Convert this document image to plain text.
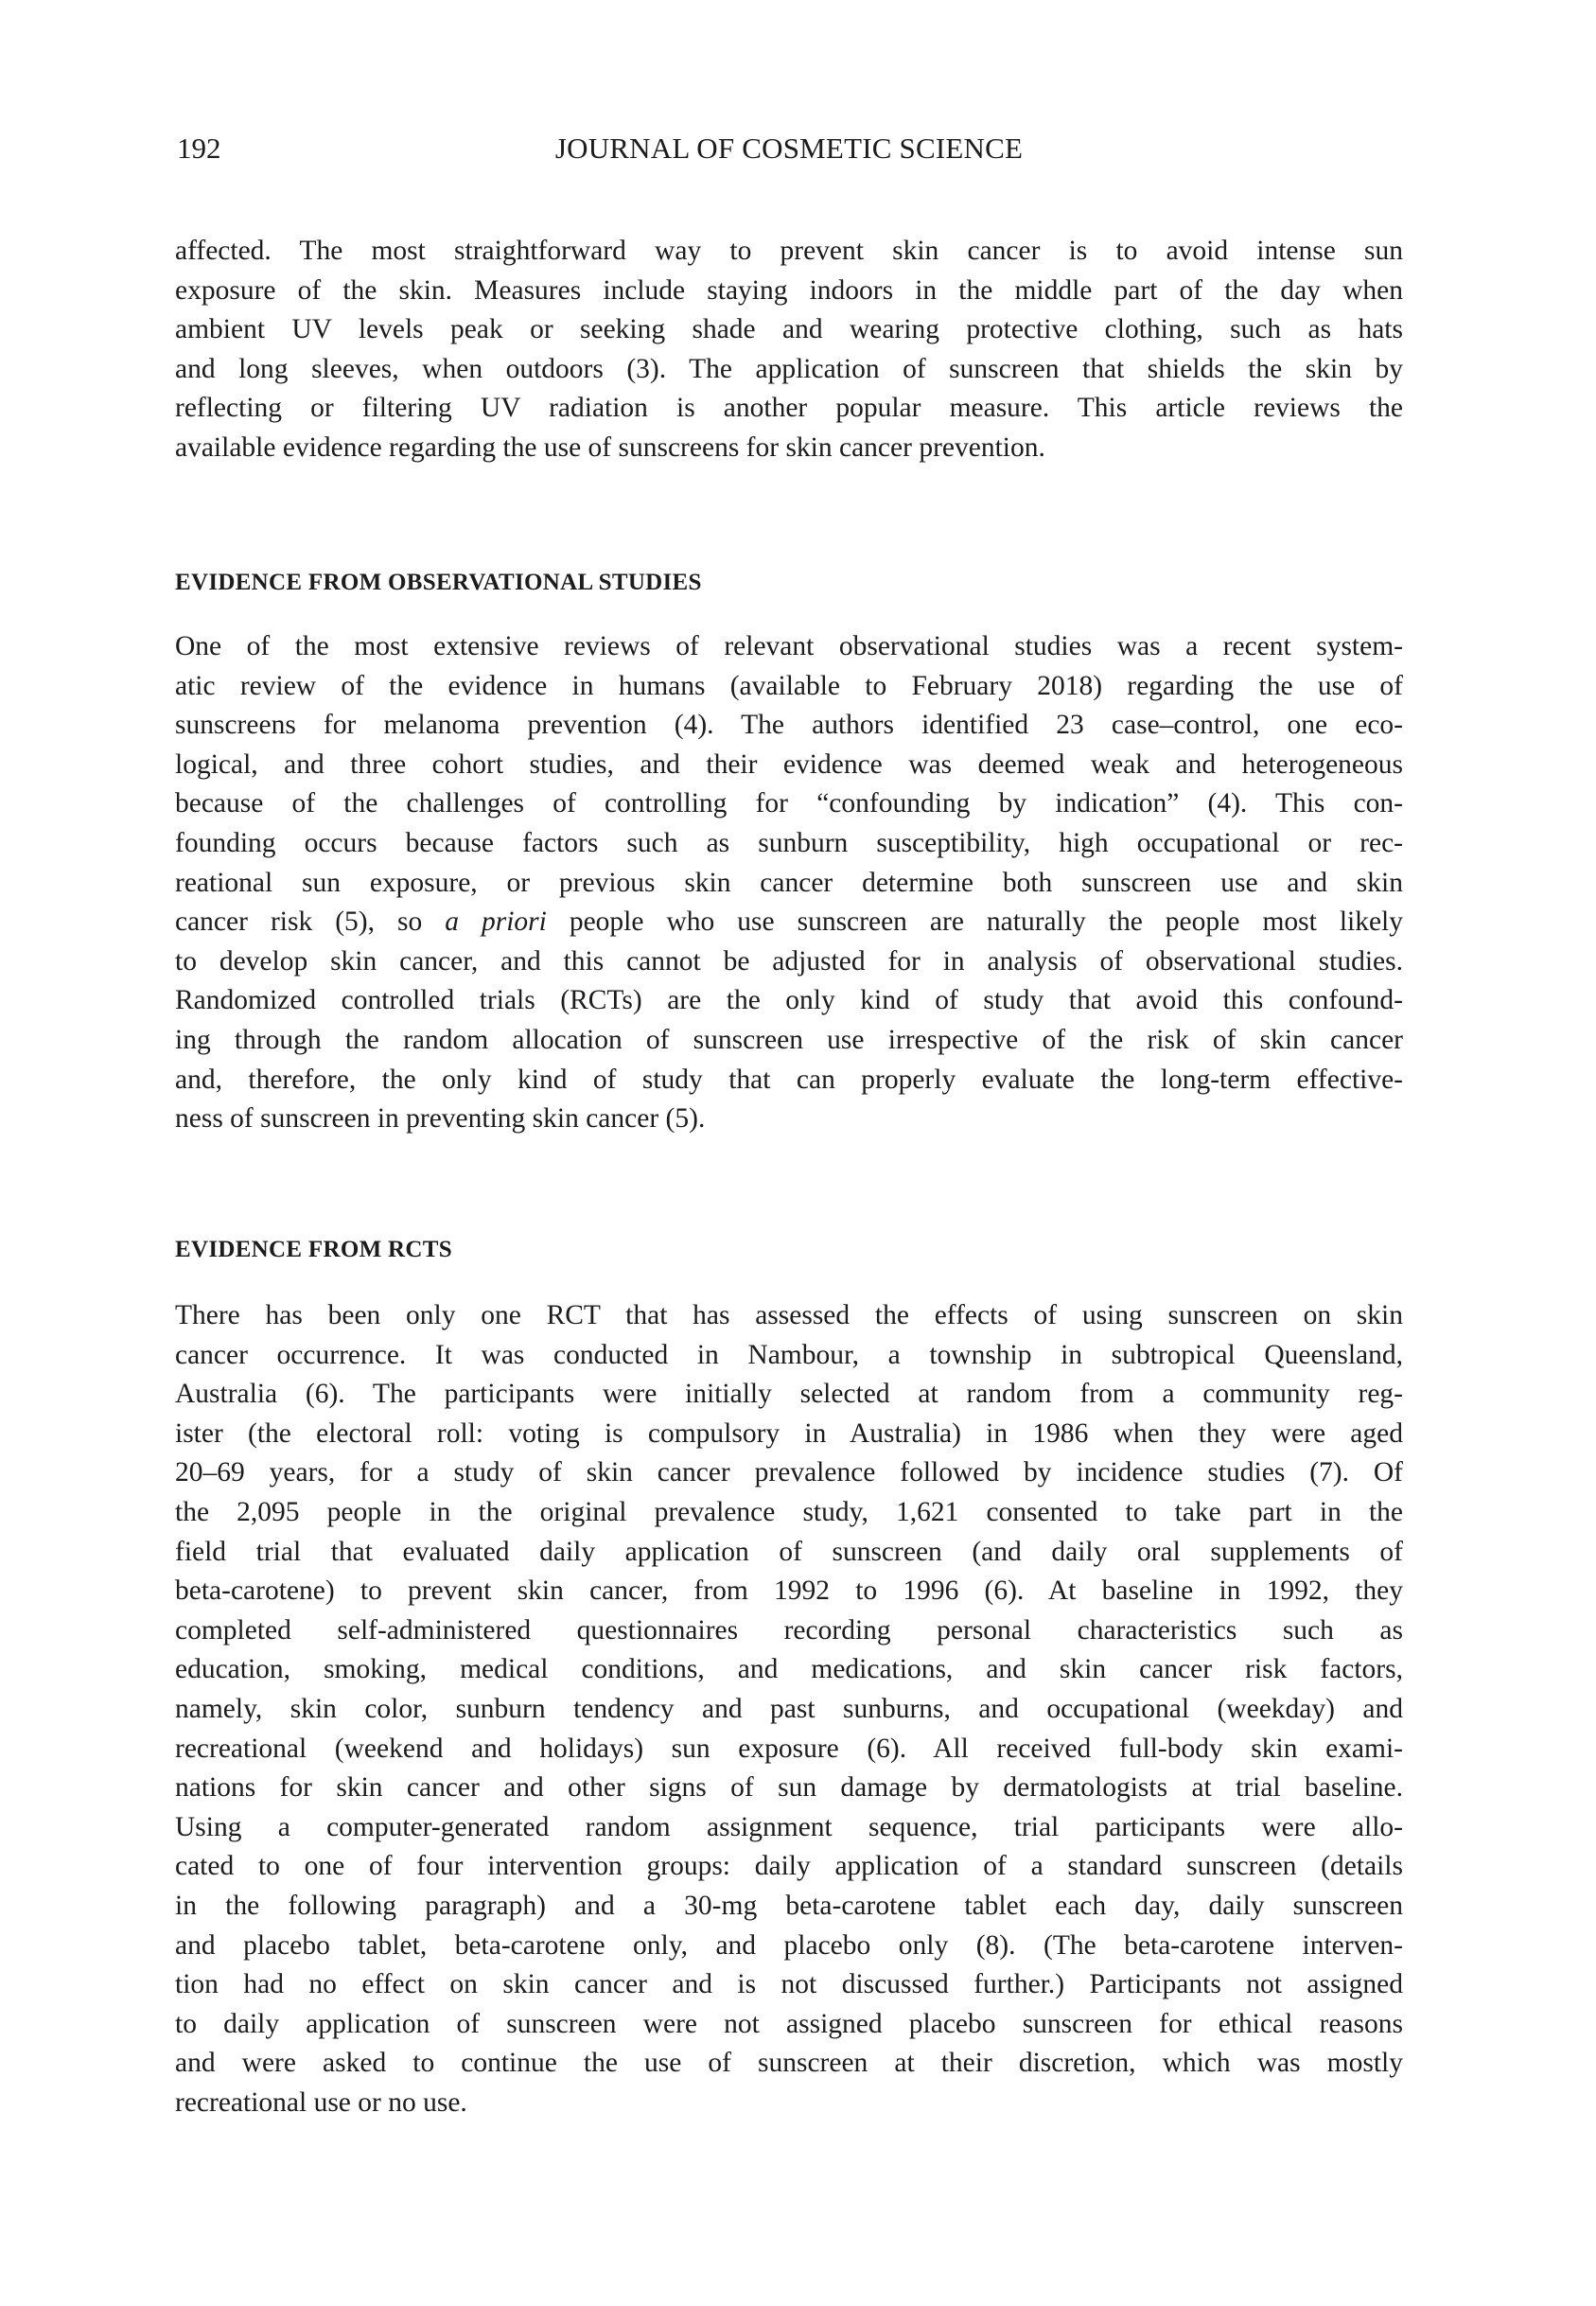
192	JOURNAL OF COSMETIC SCIENCE
affected. The most straightforward way to prevent skin cancer is to avoid intense sun
exposure of the skin. Measures include staying indoors in the middle part of the day when
ambient UV levels peak or seeking shade and wearing protective clothing, such as hats
and long sleeves, when outdoors (3). The application of sunscreen that shields the skin by
reflecting or filtering UV radiation is another popular measure. This article reviews the
available evidence regarding the use of sunscreens for skin cancer prevention.
EVIDENCE FROM OBSERVATIONAL STUDIES
One of the most extensive reviews of relevant observational studies was a recent system-
atic review of the evidence in humans (available to February 2018) regarding the use of
sunscreens for melanoma prevention (4). The authors identified 23 case–control, one eco-
logical, and three cohort studies, and their evidence was deemed weak and heterogeneous
because of the challenges of controlling for “confounding by indication” (4). This con-
founding occurs because factors such as sunburn susceptibility, high occupational or rec-
reational sun exposure, or previous skin cancer determine both sunscreen use and skin
cancer risk (5), so a priori people who use sunscreen are naturally the people most likely
to develop skin cancer, and this cannot be adjusted for in analysis of observational studies.
Randomized controlled trials (RCTs) are the only kind of study that avoid this confound-
ing through the random allocation of sunscreen use irrespective of the risk of skin cancer
and, therefore, the only kind of study that can properly evaluate the long-term effective-
ness of sunscreen in preventing skin cancer (5).
EVIDENCE FROM RCTS
There has been only one RCT that has assessed the effects of using sunscreen on skin
cancer occurrence. It was conducted in Nambour, a township in subtropical Queensland,
Australia (6). The participants were initially selected at random from a community reg-
ister (the electoral roll: voting is compulsory in Australia) in 1986 when they were aged
20–69 years, for a study of skin cancer prevalence followed by incidence studies (7). Of
the 2,095 people in the original prevalence study, 1,621 consented to take part in the
field trial that evaluated daily application of sunscreen (and daily oral supplements of
beta-carotene) to prevent skin cancer, from 1992 to 1996 (6). At baseline in 1992, they
completed self-administered questionnaires recording personal characteristics such as
education, smoking, medical conditions, and medications, and skin cancer risk factors,
namely, skin color, sunburn tendency and past sunburns, and occupational (weekday) and
recreational (weekend and holidays) sun exposure (6). All received full-body skin exami-
nations for skin cancer and other signs of sun damage by dermatologists at trial baseline.
Using a computer-generated random assignment sequence, trial participants were allo-
cated to one of four intervention groups: daily application of a standard sunscreen (details
in the following paragraph) and a 30-mg beta-carotene tablet each day, daily sunscreen
and placebo tablet, beta-carotene only, and placebo only (8). (The beta-carotene interven-
tion had no effect on skin cancer and is not discussed further.) Participants not assigned
to daily application of sunscreen were not assigned placebo sunscreen for ethical reasons
and were asked to continue the use of sunscreen at their discretion, which was mostly
recreational use or no use.
